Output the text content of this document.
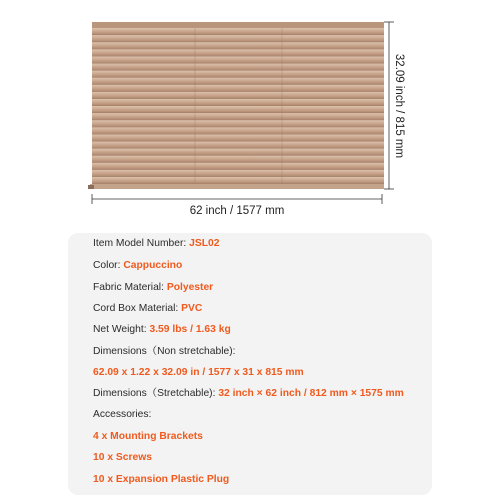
62 inch / 1577 mm
32.09 inch / 815 mm
Item Model Number: JSL02
Color: Cappuccino
Fabric Material: Polyester
Cord Box Material: PVC
Net Weight: 3.59 lbs / 1.63 kg
Dimensions（Non stretchable):
62.09 x 1.22 x 32.09 in / 1577 x 31 x 815 mm
Dimensions（Stretchable): 32 inch × 62 inch / 812 mm × 1575 mm
Accessories:
4 x Mounting Brackets
10 x Screws
10 x Expansion Plastic Plug
